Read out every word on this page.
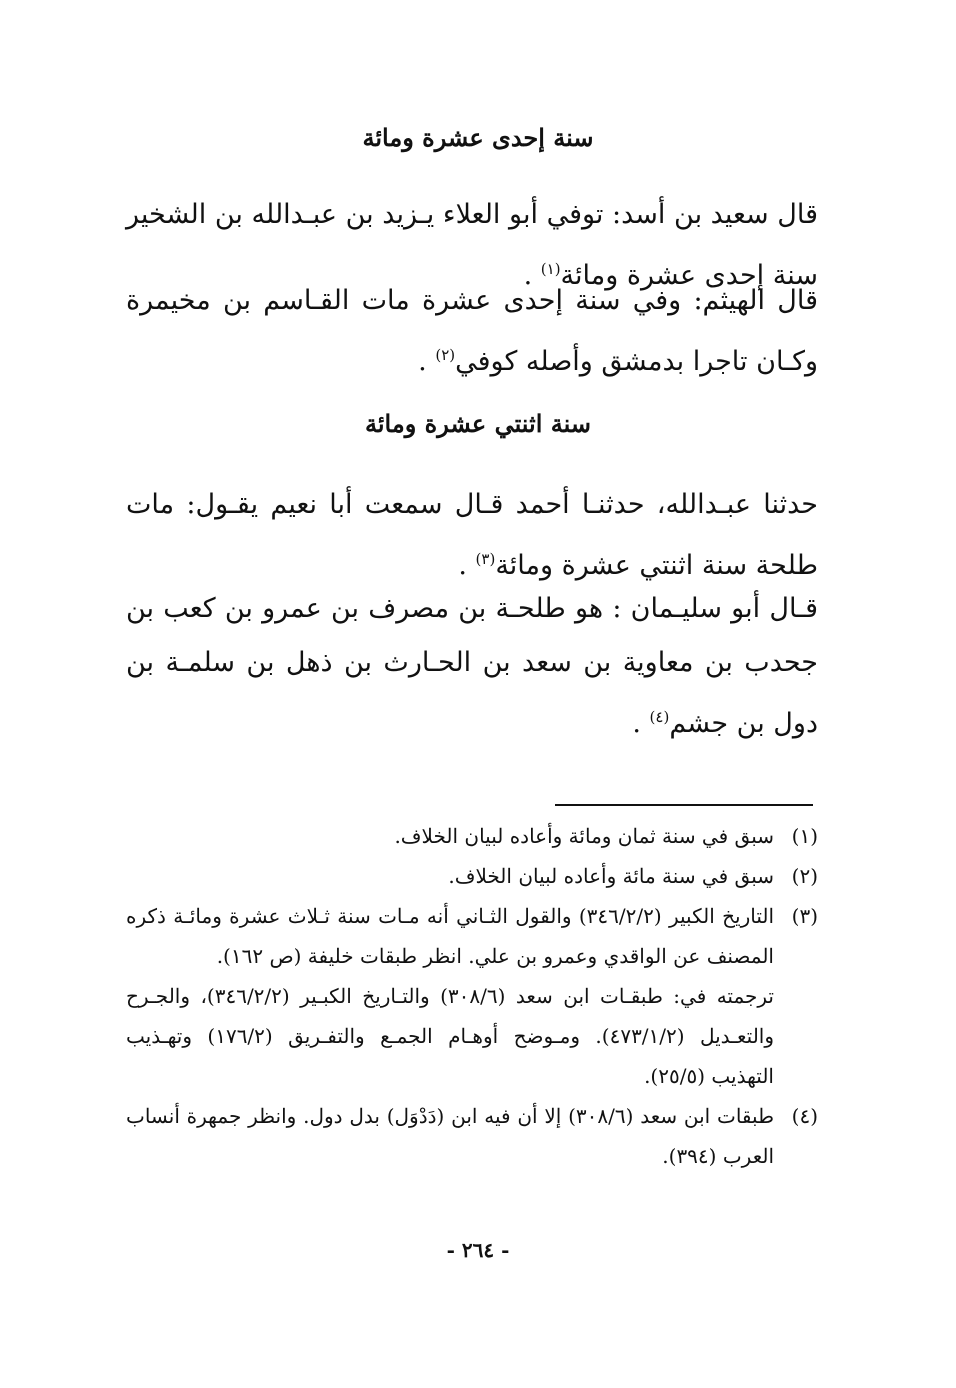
سنة إحدى عشرة ومائة

قال سعيد بن أسد: توفي أبو العلاء يـزيد بن عبـدالله بن الشخير سنة إحدى عشرة ومائة$^{(١)}$ .

قال الهيثم: وفي سنة إحدى عشرة مات القـاسم بن مخيمرة وكـان تاجرا بدمشق وأصله كوفي$^{(٢)}$ .

سنة اثنتي عشرة ومائة

حدثنا عبـدالله، حدثنـا أحمد قـال سمعت أبا نعيم يقـول: مات طلحة سنة اثنتي عشرة ومائة$^{(٣)}$ .

قـال أبو سليـمان : هو طلحـة بن مصرف بن عمرو بن كعب بن جحدب بن معاوية بن سعد بن الحـارث بن ذهل بن سلمـة بن دول بن جشم$^{(٤)}$ .

(١)
سبق في سنة ثمان ومائة وأعاده لبيان الخلاف.
(٢)
سبق في سنة مائة وأعاده لبيان الخلاف.
(٣)
التاريخ الكبير (٣٤٦/٢/٢) والقول الثـاني أنه مـات سنة ثـلاث عشرة ومائـة ذكره المصنف عن الواقدي وعمرو بن علي. انظر طبقات خليفة (ص ١٦٢).

ترجمته في: طبقـات ابن سعد (٣٠٨/٦) والتـاريخ الكبـير (٣٤٦/٢/٢)، والجـرح والتعـديل (٤٧٣/١/٢). ومـوضح أوهـام الجمـع والتفـريق (١٧٦/٢) وتهـذيب التهذيب (٢٥/٥).

(٤)
طبقات ابن سعد (٣٠٨/٦) إلا أن فيه ابن (دَدْوَل) بدل دول. وانظر جمهرة أنساب العرب (٣٩٤).
- ٢٦٤ -
